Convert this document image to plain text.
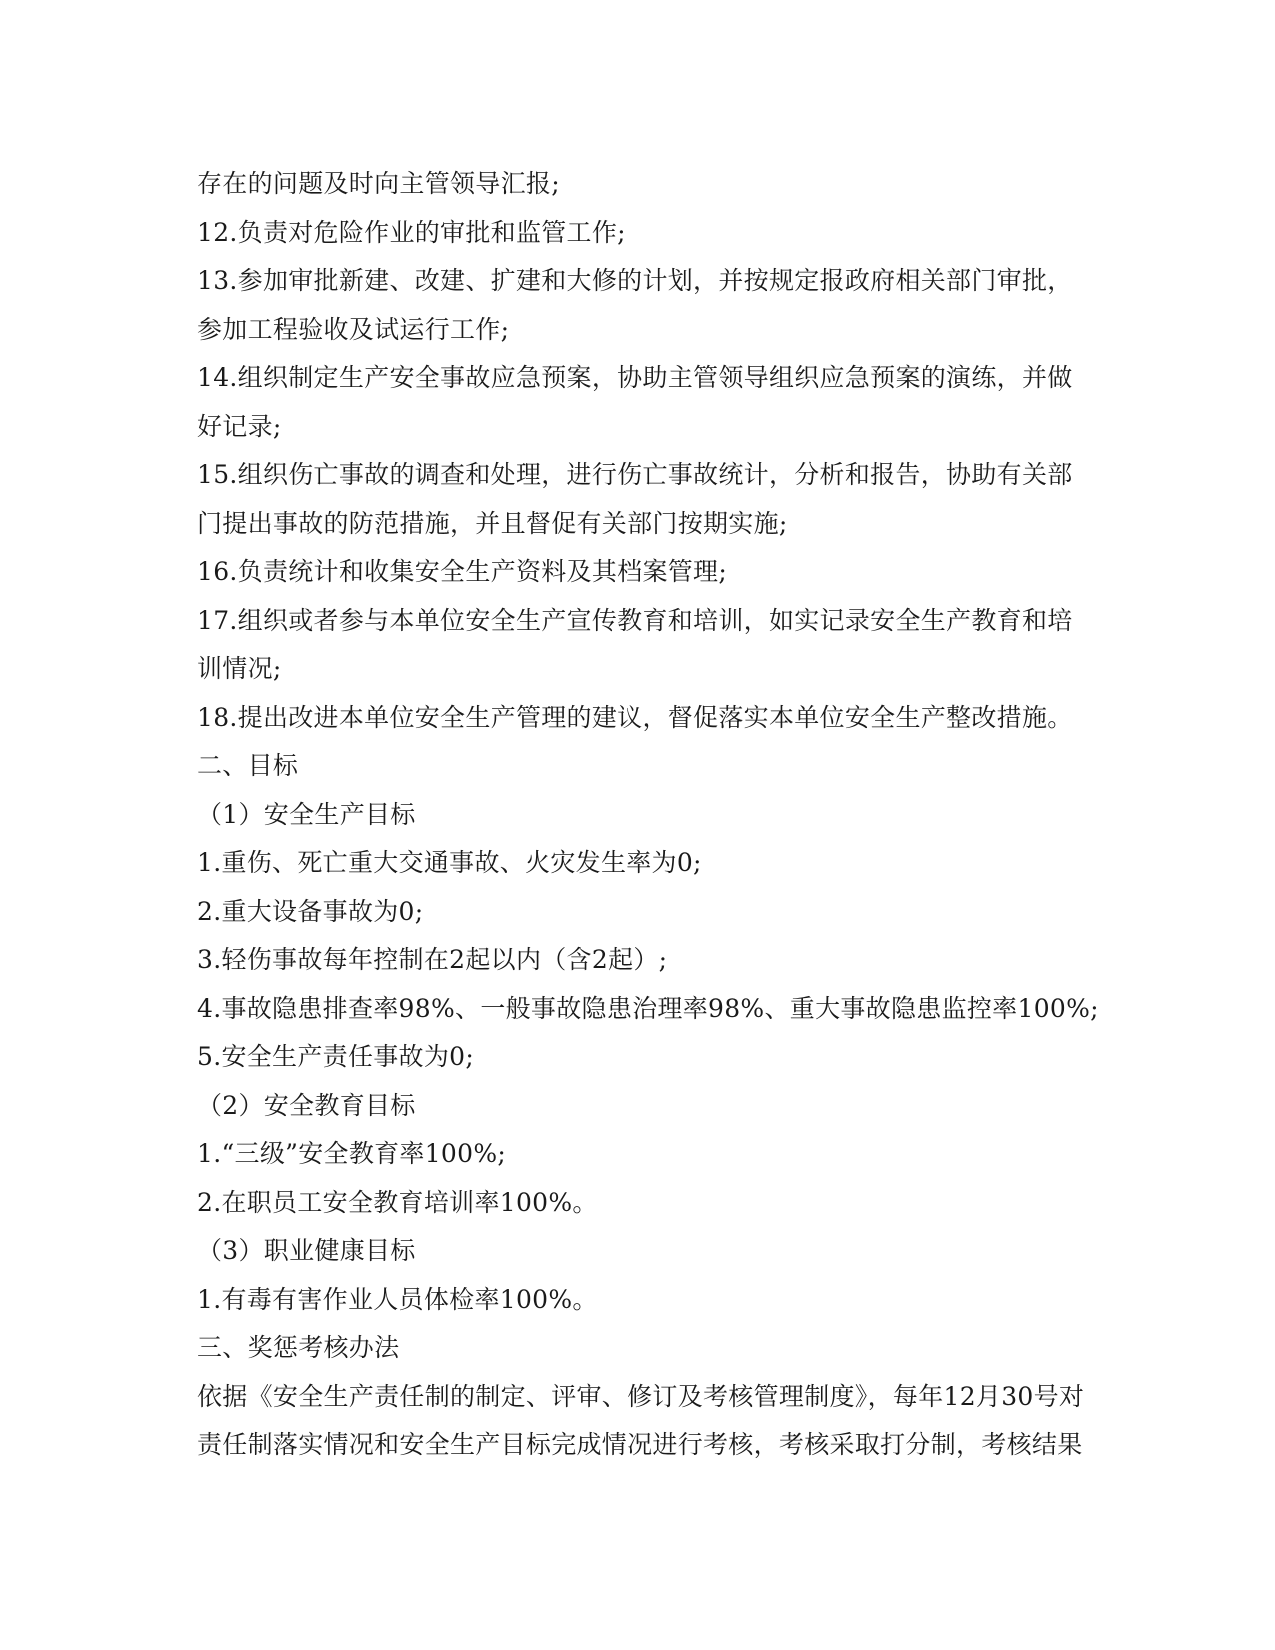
存在的问题及时向主管领导汇报;
12.负责对危险作业的审批和监管工作;
13.参加审批新建、改建、扩建和大修的计划，并按规定报政府相关部门审批，
参加工程验收及试运行工作;
14.组织制定生产安全事故应急预案，协助主管领导组织应急预案的演练，并做
好记录;
15.组织伤亡事故的调查和处理，进行伤亡事故统计，分析和报告，协助有关部
门提出事故的防范措施，并且督促有关部门按期实施;
16.负责统计和收集安全生产资料及其档案管理;
17.组织或者参与本单位安全生产宣传教育和培训，如实记录安全生产教育和培
训情况;
18.提出改进本单位安全生产管理的建议，督促落实本单位安全生产整改措施。
二、目标
（1）安全生产目标
1.重伤、死亡重大交通事故、火灾发生率为0;
2.重大设备事故为0;
3.轻伤事故每年控制在2起以内（含2起）;
4.事故隐患排查率98%、一般事故隐患治理率98%、重大事故隐患监控率100%;
5.安全生产责任事故为0;
（2）安全教育目标
1.“三级”安全教育率100%;
2.在职员工安全教育培训率100%。
（3）职业健康目标
1.有毒有害作业人员体检率100%。
三、奖惩考核办法
依据《安全生产责任制的制定、评审、修订及考核管理制度》，每年12月30号对
责任制落实情况和安全生产目标完成情况进行考核，考核采取打分制，考核结果
